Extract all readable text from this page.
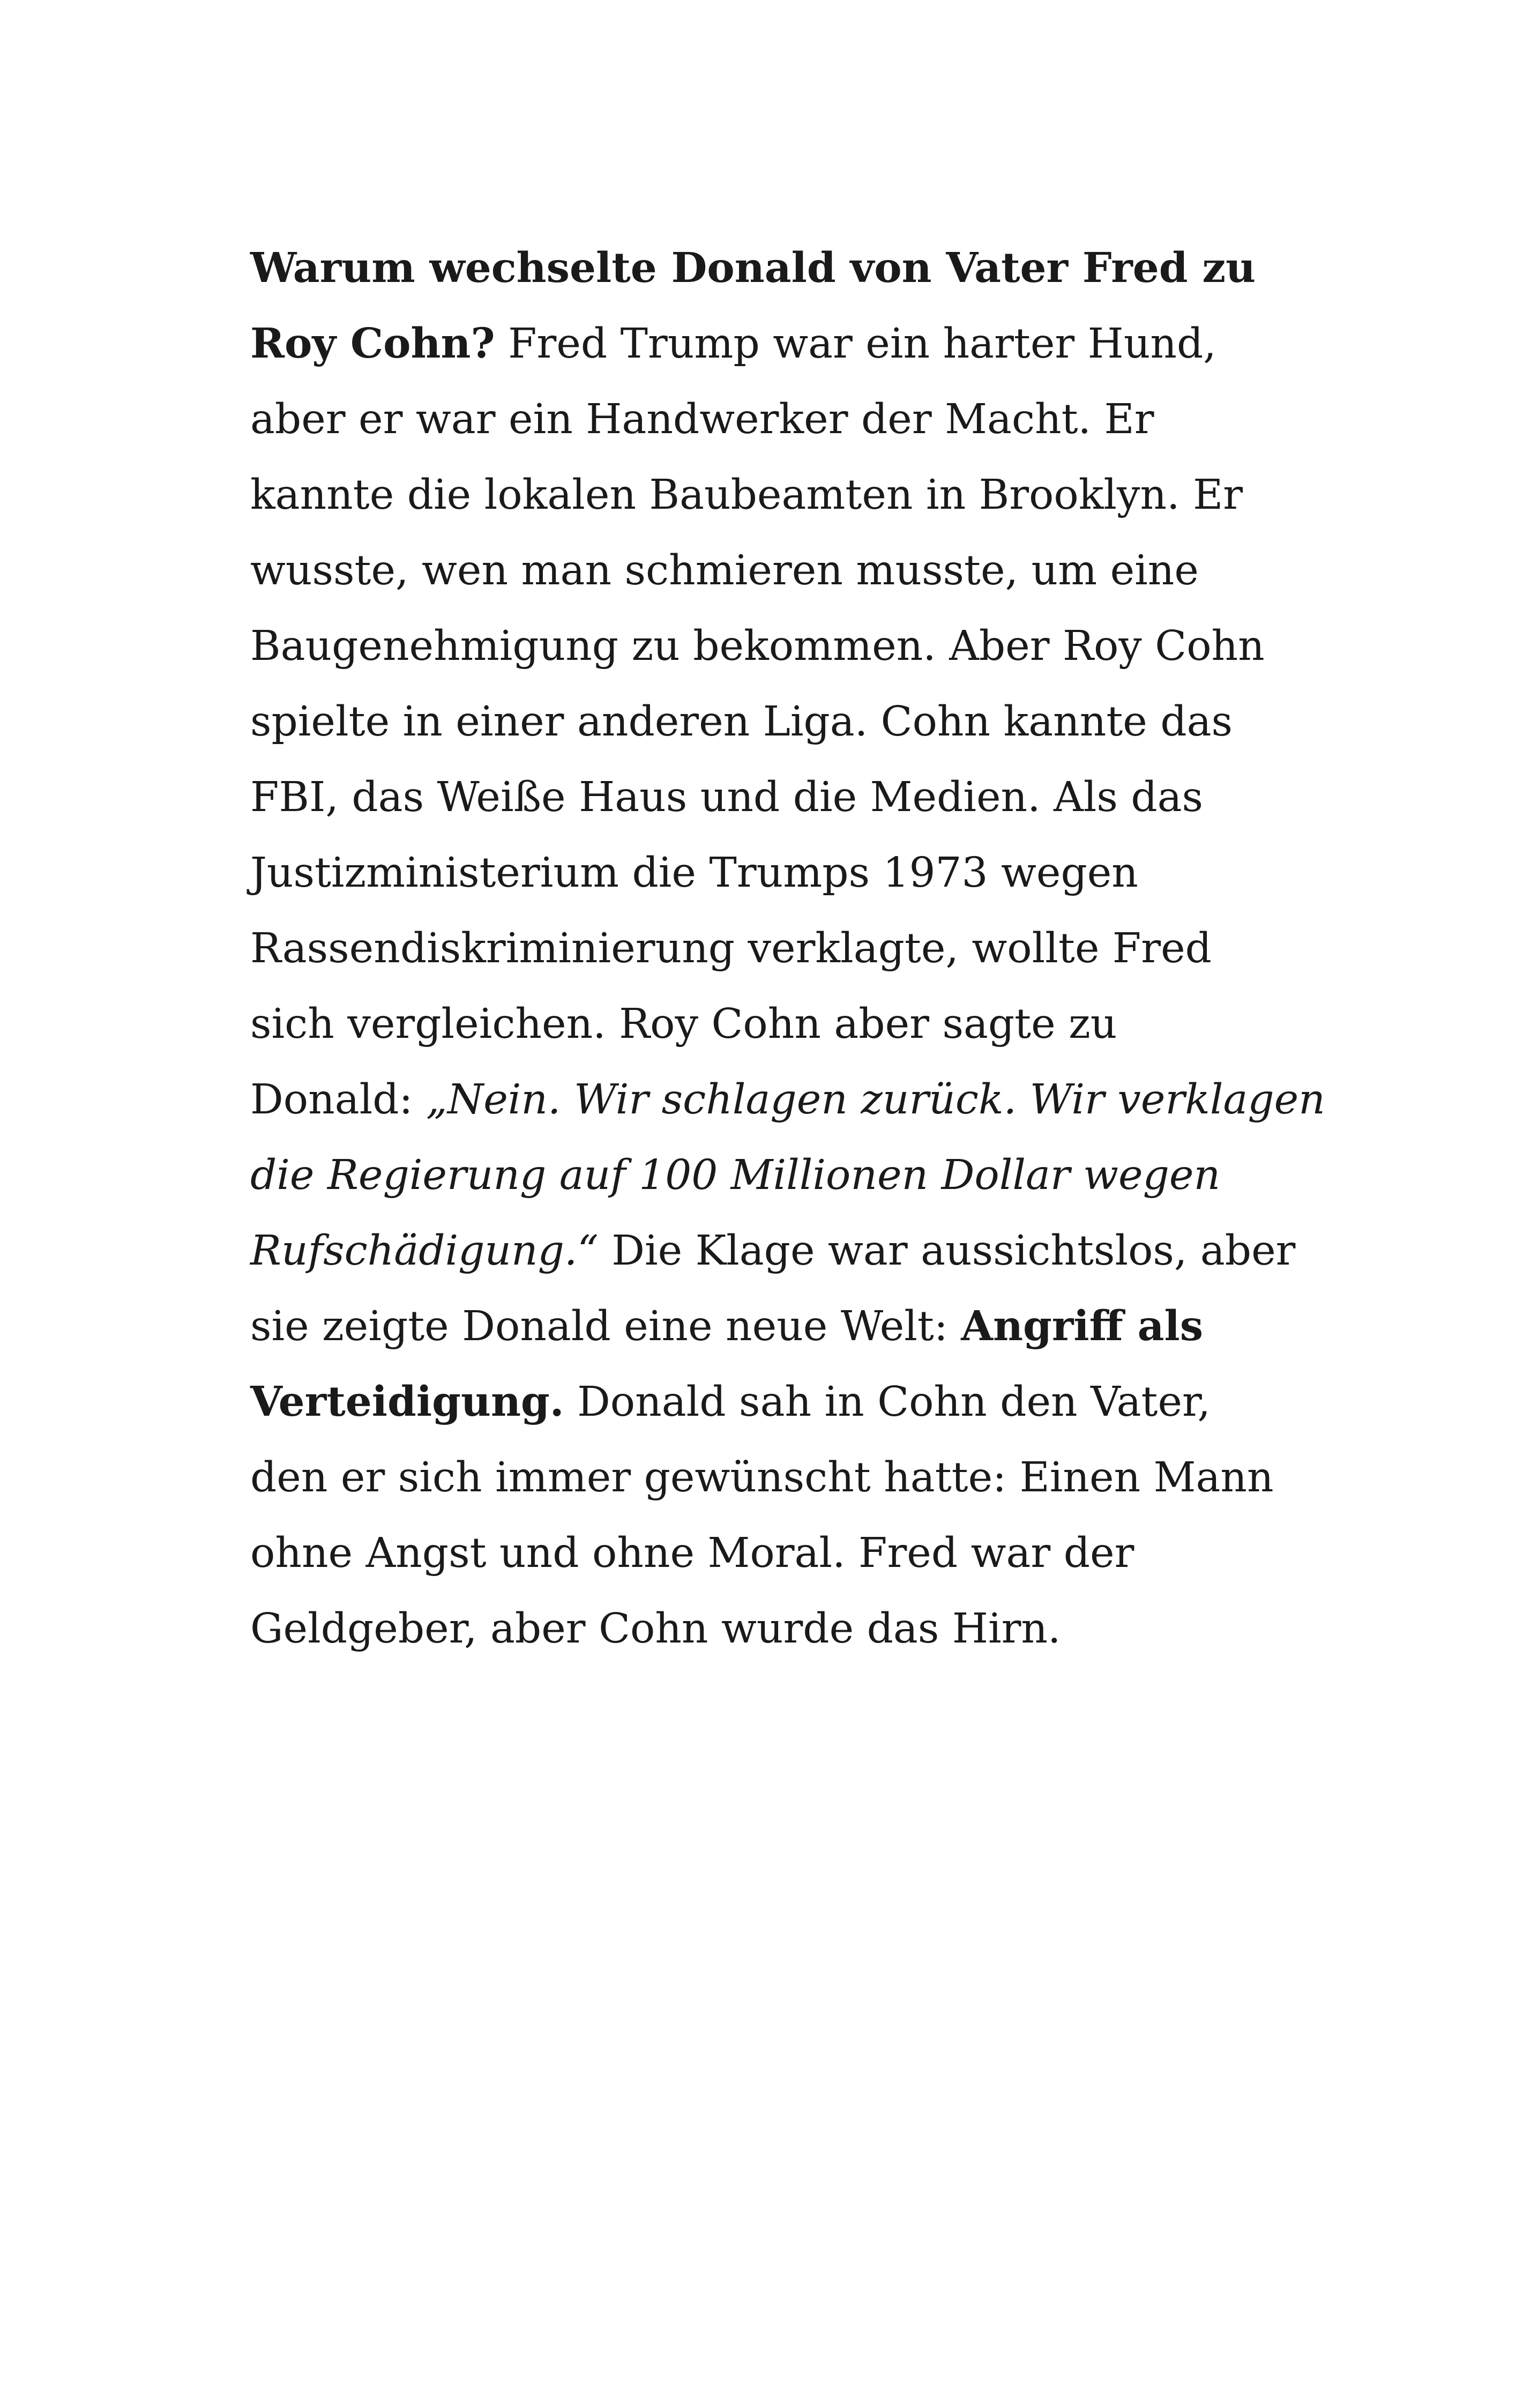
Warum wechselte Donald von Vater Fred zu
Roy Cohn? Fred Trump war ein harter Hund,
aber er war ein Handwerker der Macht. Er
kannte die lokalen Baubeamten in Brooklyn. Er
wusste, wen man schmieren musste, um eine
Baugenehmigung zu bekommen. Aber Roy Cohn
spielte in einer anderen Liga. Cohn kannte das
FBI, das Weiße Haus und die Medien. Als das
Justizministerium die Trumps 1973 wegen
Rassendiskriminierung verklagte, wollte Fred
sich vergleichen. Roy Cohn aber sagte zu
Donald: „Nein. Wir schlagen zurück. Wir verklagen
die Regierung auf 100 Millionen Dollar wegen
Rufschädigung.“ Die Klage war aussichtslos, aber
sie zeigte Donald eine neue Welt: Angriff als
Verteidigung. Donald sah in Cohn den Vater,
den er sich immer gewünscht hatte: Einen Mann
ohne Angst und ohne Moral. Fred war der
Geldgeber, aber Cohn wurde das Hirn.
